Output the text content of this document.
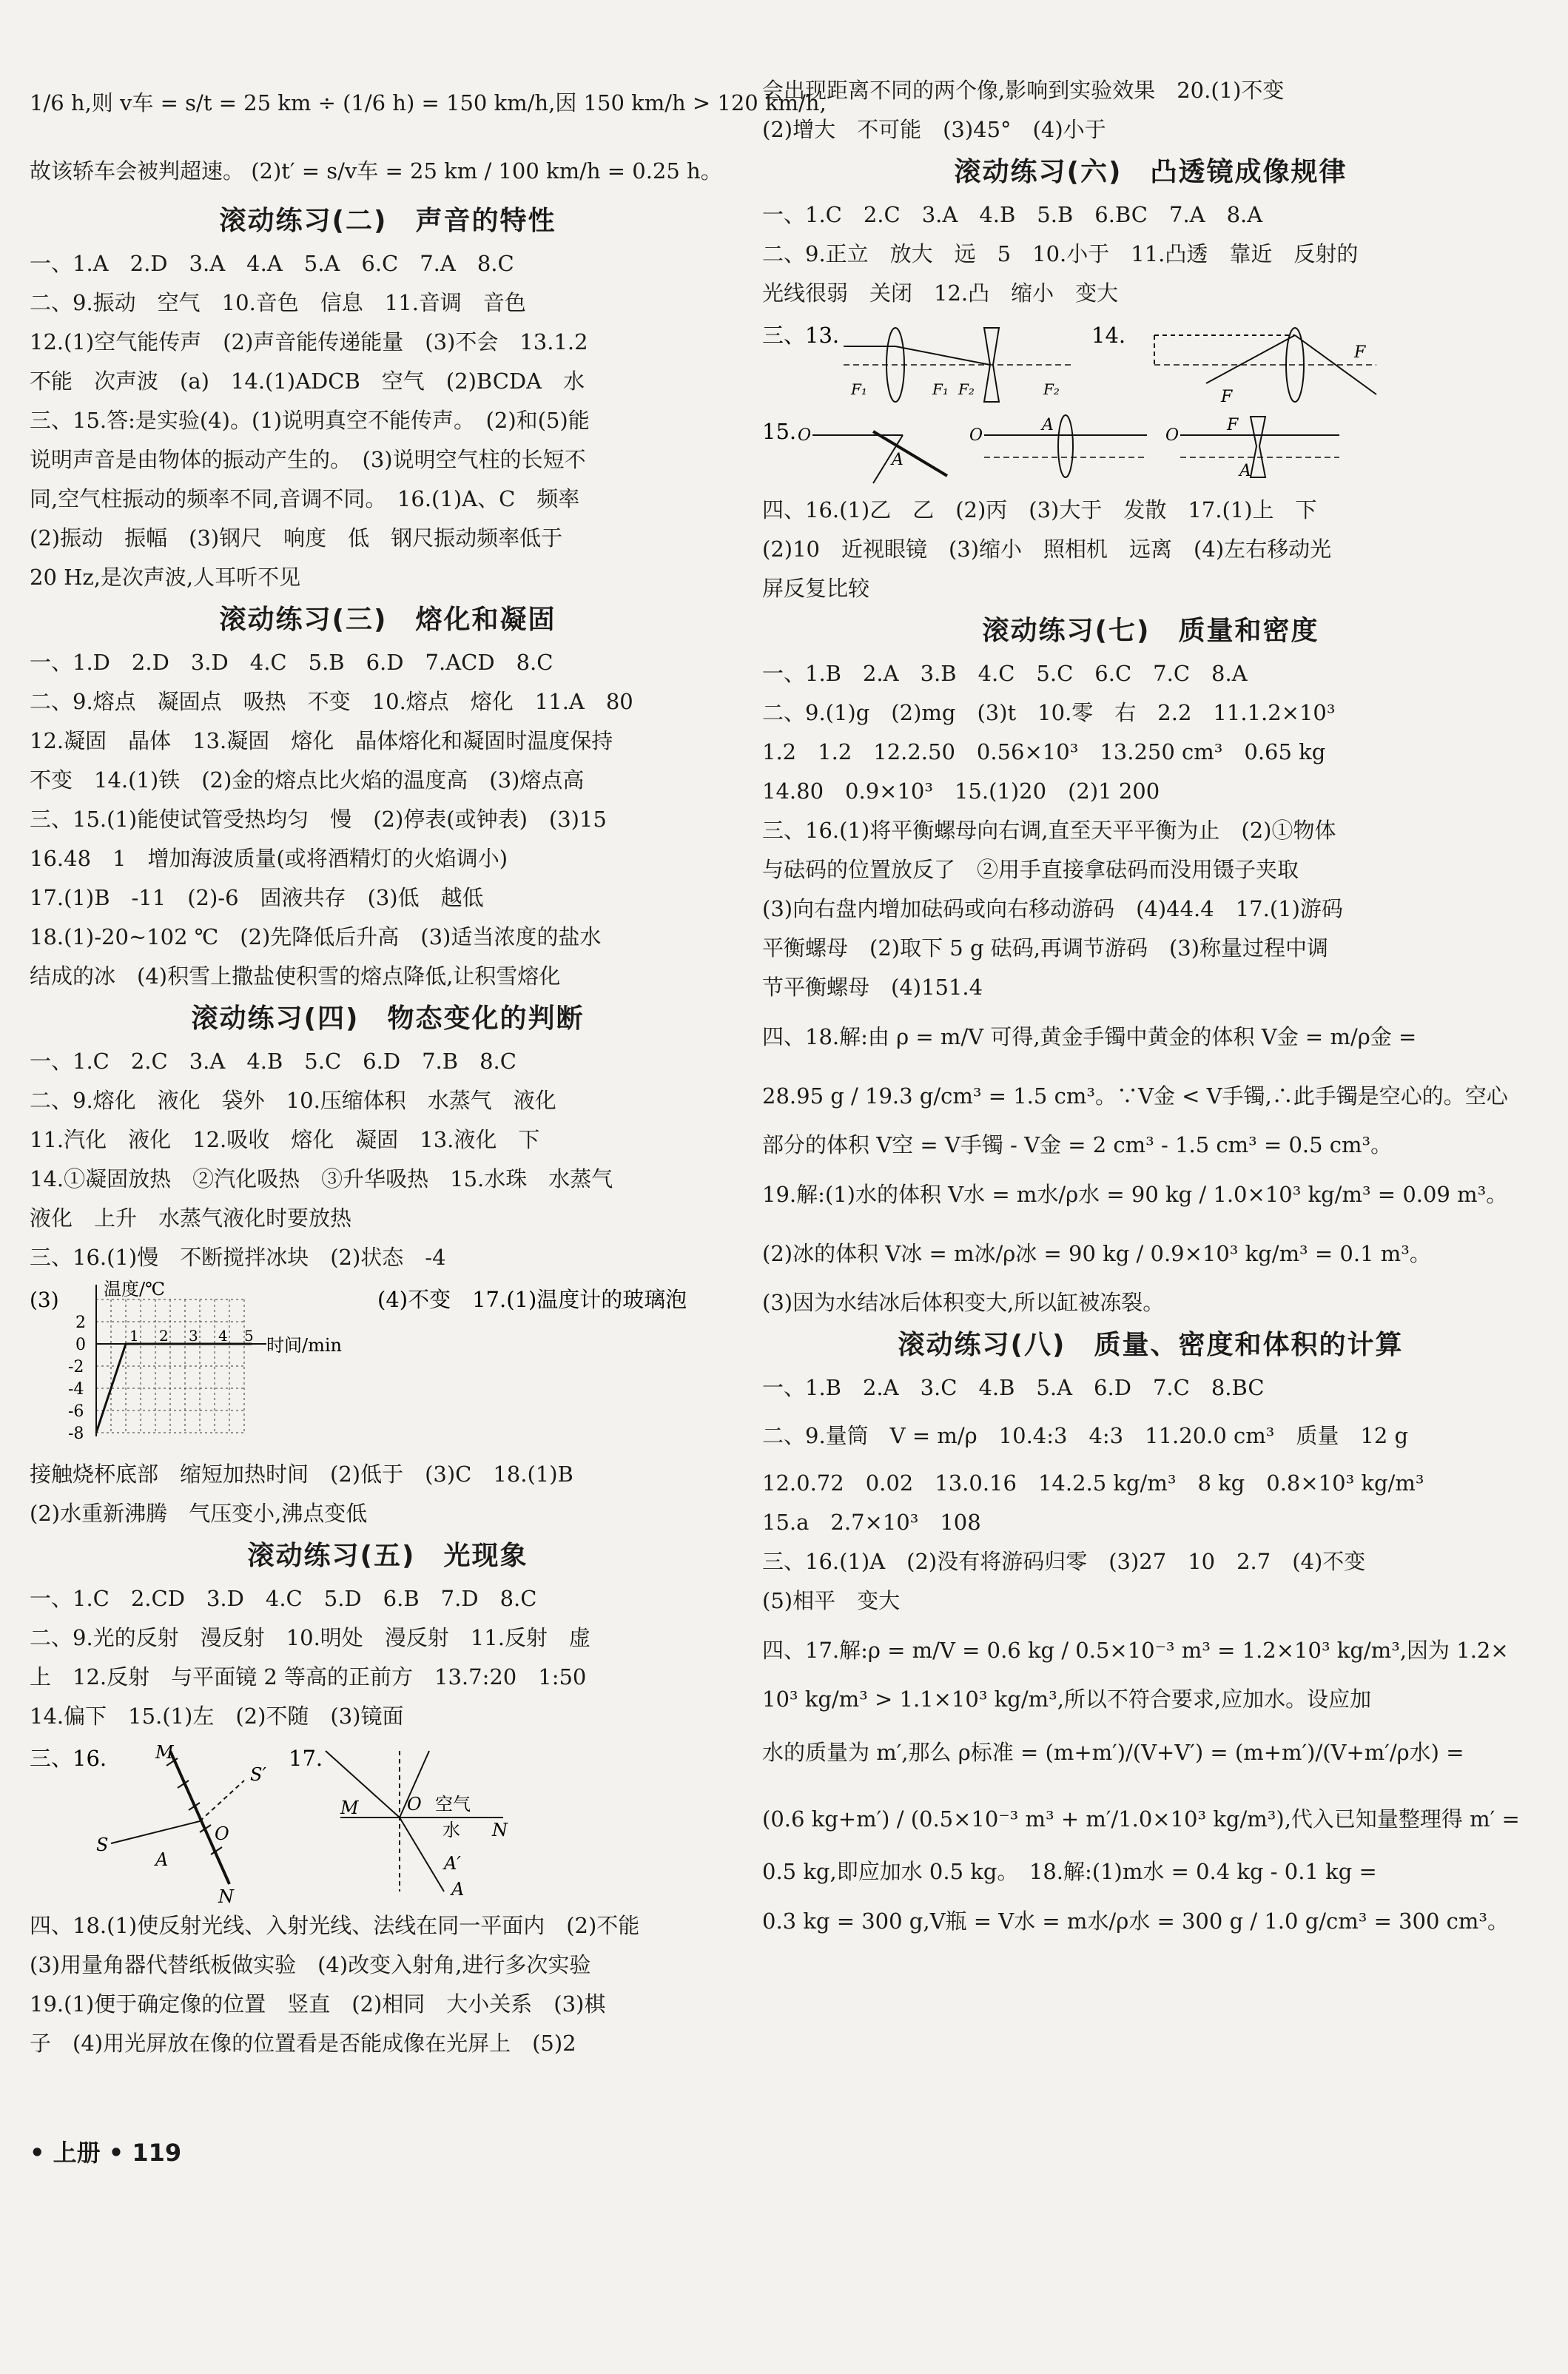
1/6 h,则 v车 = s/t = 25 km ÷ (1/6 h) = 150 km/h,因 150 km/h > 120 km/h,
故该轿车会被判超速。 (2)t′ = s/v车 = 25 km / 100 km/h = 0.25 h。
滚动练习(二)　声音的特性
一、1.A　2.D　3.A　4.A　5.A　6.C　7.A　8.C
二、9.振动　空气　10.音色　信息　11.音调　音色
12.(1)空气能传声　(2)声音能传递能量　(3)不会　13.1.2
不能　次声波　(a)　14.(1)ADCB　空气　(2)BCDA　水
三、15.答:是实验(4)。(1)说明真空不能传声。　(2)和(5)能
说明声音是由物体的振动产生的。　(3)说明空气柱的长短不
同,空气柱振动的频率不同,音调不同。　16.(1)A、C　频率
(2)振动　振幅　(3)钢尺　响度　低　钢尺振动频率低于
20 Hz,是次声波,人耳听不见
滚动练习(三)　熔化和凝固
一、1.D　2.D　3.D　4.C　5.B　6.D　7.ACD　8.C
二、9.熔点　凝固点　吸热　不变　10.熔点　熔化　11.A　80
12.凝固　晶体　13.凝固　熔化　晶体熔化和凝固时温度保持
不变　14.(1)铁　(2)金的熔点比火焰的温度高　(3)熔点高
三、15.(1)能使试管受热均匀　慢　(2)停表(或钟表)　(3)15
16.48　1　增加海波质量(或将酒精灯的火焰调小)
17.(1)B　-11　(2)-6　固液共存　(3)低　越低
18.(1)-20~102 ℃　(2)先降低后升高　(3)适当浓度的盐水
结成的冰　(4)积雪上撒盐使积雪的熔点降低,让积雪熔化
滚动练习(四)　物态变化的判断
一、1.C　2.C　3.A　4.B　5.C　6.D　7.B　8.C
二、9.熔化　液化　袋外　10.压缩体积　水蒸气　液化
11.汽化　液化　12.吸收　熔化　凝固　13.液化　下
14.①凝固放热　②汽化吸热　③升华吸热　15.水珠　水蒸气
液化　上升　水蒸气液化时要放热
三、16.(1)慢　不断搅拌冰块　(2)状态　-4
(3)	温度/℃
时间/min
2
0
-2
-4
-6
-8
1 2 3 4 5
(4)不变　17.(1)温度计的玻璃泡
接触烧杯底部　缩短加热时间　(2)低于　(3)C　18.(1)B
(2)水重新沸腾　气压变小,沸点变低
滚动练习(五)　光现象
一、1.C　2.CD　3.D　4.C　5.D　6.B　7.D　8.C
二、9.光的反射　漫反射　10.明处　漫反射　11.反射　虚
上　12.反射　与平面镜 2 等高的正前方　13.7:20　1:50
14.偏下　15.(1)左　(2)不随　(3)镜面
三、16.	M
S
S′
A
O
N
17.
M	O 空气
水 N
A′
A
四、18.(1)使反射光线、入射光线、法线在同一平面内　(2)不能
(3)用量角器代替纸板做实验　(4)改变入射角,进行多次实验
19.(1)便于确定像的位置　竖直　(2)相同　大小关系　(3)棋
子　(4)用光屏放在像的位置看是否能成像在光屏上　(5)2
• 上册 • 119
会出现距离不同的两个像,影响到实验效果　20.(1)不变
(2)增大　不可能　(3)45°　(4)小于
滚动练习(六)　凸透镜成像规律
一、1.C　2.C　3.A　4.B　5.B　6.BC　7.A　8.A
二、9.正立　放大　远　5　10.小于　11.凸透　靠近　反射的
光线很弱　关闭　12.凸　缩小　变大
三、13.
F₁	F₁ F₂	F₂
14.
F
F
15. O
A
O
A
O
F
A
四、16.(1)乙　乙　(2)丙　(3)大于　发散　17.(1)上　下
(2)10　近视眼镜　(3)缩小　照相机　远离　(4)左右移动光
屏反复比较
滚动练习(七)　质量和密度
一、1.B　2.A　3.B　4.C　5.C　6.C　7.C　8.A
二、9.(1)g　(2)mg　(3)t　10.零　右　2.2　11.1.2×10³
1.2　1.2　12.2.50　0.56×10³　13.250 cm³　0.65 kg
14.80　0.9×10³　15.(1)20　(2)1 200
三、16.(1)将平衡螺母向右调,直至天平平衡为止　(2)①物体
与砝码的位置放反了　②用手直接拿砝码而没用镊子夹取
(3)向右盘内增加砝码或向右移动游码　(4)44.4　17.(1)游码
平衡螺母　(2)取下 5 g 砝码,再调节游码　(3)称量过程中调
节平衡螺母　(4)151.4
四、18.解:由 ρ = m/V 可得,黄金手镯中黄金的体积 V金 = m/ρ金 =
28.95 g / 19.3 g/cm³ = 1.5 cm³。∵V金 < V手镯,∴此手镯是空心的。空心
部分的体积 V空 = V手镯 - V金 = 2 cm³ - 1.5 cm³ = 0.5 cm³。
19.解:(1)水的体积 V水 = m水/ρ水 = 90 kg / 1.0×10³ kg/m³ = 0.09 m³。
(2)冰的体积 V冰 = m冰/ρ冰 = 90 kg / 0.9×10³ kg/m³ = 0.1 m³。
(3)因为水结冰后体积变大,所以缸被冻裂。
滚动练习(八)　质量、密度和体积的计算
一、1.B　2.A　3.C　4.B　5.A　6.D　7.C　8.BC
二、9.量筒　V = m/ρ　10.4:3　4:3　11.20.0 cm³　质量　12 g
12.0.72　0.02　13.0.16　14.2.5 kg/m³　8 kg　0.8×10³ kg/m³
15.a　2.7×10³　108
三、16.(1)A　(2)没有将游码归零　(3)27　10　2.7　(4)不变
(5)相平　变大
四、17.解:ρ = m/V = 0.6 kg / 0.5×10⁻³ m³ = 1.2×10³ kg/m³,因为 1.2×
10³ kg/m³ > 1.1×10³ kg/m³,所以不符合要求,应加水。设应加
水的质量为 m′,那么 ρ标准 = (m+m′)/(V+V′) = (m+m′)/(V+m′/ρ水) =
(0.6 kg+m′) / (0.5×10⁻³ m³ + m′/1.0×10³ kg/m³),代入已知量整理得 m′ =
0.5 kg,即应加水 0.5 kg。　18.解:(1)m水 = 0.4 kg - 0.1 kg =
0.3 kg = 300 g,V瓶 = V水 = m水/ρ水 = 300 g / 1.0 g/cm³ = 300 cm³。
